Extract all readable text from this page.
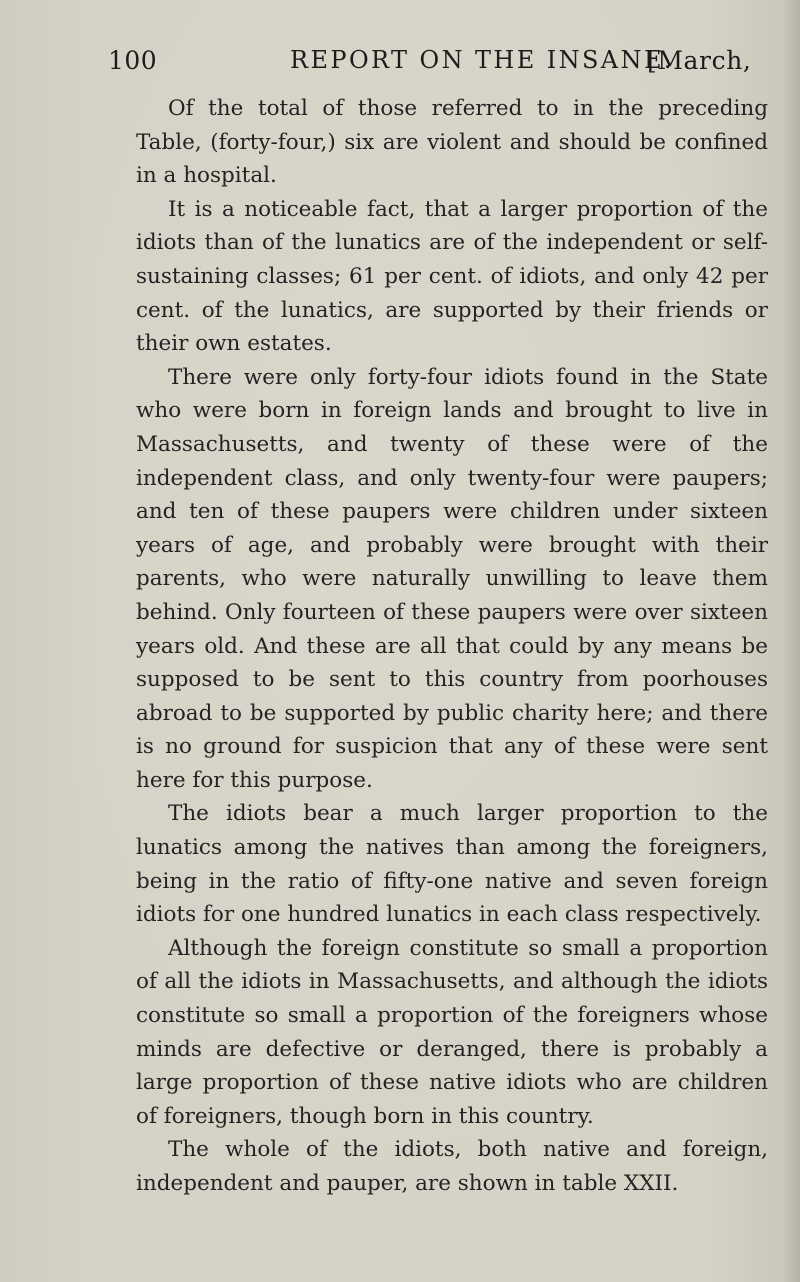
100	REPORT ON THE INSANE.
[March,

Of the total of those referred to in the preceding Table, (forty-four,) six are violent and should be confined in a hospital.

It is a noticeable fact, that a larger proportion of the idiots than of the lunatics are of the independent or self-sustaining classes; 61 per cent. of idiots, and only 42 per cent. of the lunatics, are supported by their friends or their own estates.

There were only forty-four idiots found in the State who were born in foreign lands and brought to live in Massachusetts, and twenty of these were of the independent class, and only twenty-four were paupers; and ten of these paupers were children under sixteen years of age, and probably were brought with their parents, who were naturally unwilling to leave them behind. Only fourteen of these paupers were over sixteen years old. And these are all that could by any means be supposed to be sent to this country from poorhouses abroad to be supported by public charity here; and there is no ground for suspicion that any of these were sent here for this purpose.

The idiots bear a much larger proportion to the lunatics among the natives than among the foreigners, being in the ratio of fifty-one native and seven foreign idiots for one hundred lunatics in each class respectively.

Although the foreign constitute so small a proportion of all the idiots in Massachusetts, and although the idiots constitute so small a proportion of the foreigners whose minds are defective or deranged, there is probably a large proportion of these native idiots who are children of foreigners, though born in this country.

The whole of the idiots, both native and foreign, independent and pauper, are shown in table XXII.
